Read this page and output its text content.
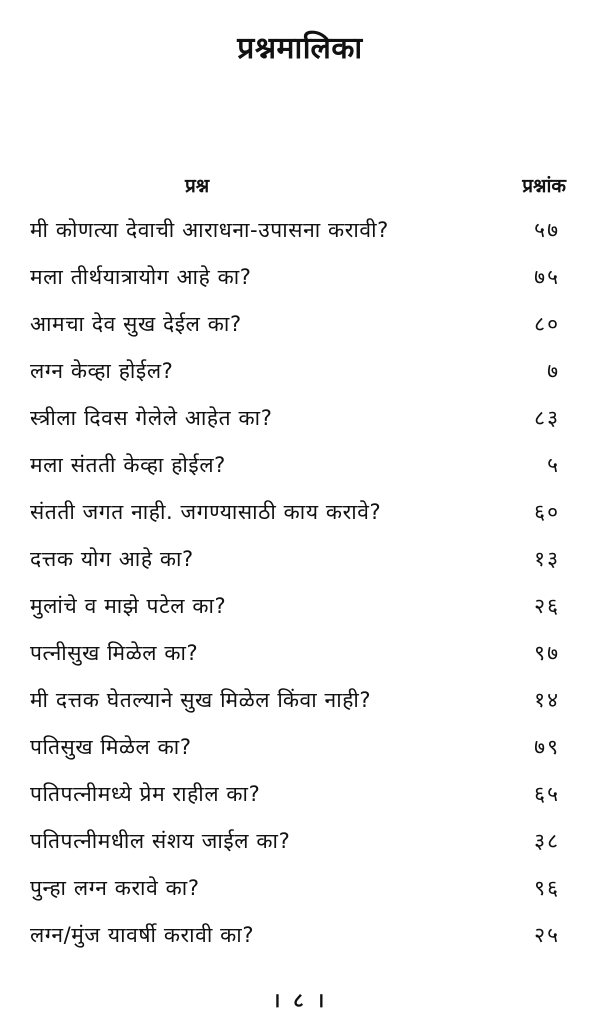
प्रश्नमालिका
प्रश्न	प्रश्नांक
मी कोणत्या देवाची आराधना-उपासना करावी?	५७
मला तीर्थयात्रायोग आहे का?	७५
आमचा देव सुख देईल का?	८०
लग्न केव्हा होईल?	७
स्त्रीला दिवस गेलेले आहेत का?	८३
मला संतती केव्हा होईल?	५
संतती जगत नाही. जगण्यासाठी काय करावे?	६०
दत्तक योग आहे का?	१३
मुलांचे व माझे पटेल का?	२६
पत्नीसुख मिळेल का?	९७
मी दत्तक घेतल्याने सुख मिळेल किंवा नाही?	१४
पतिसुख मिळेल का?	७९
पतिपत्नीमध्ये प्रेम राहील का?	६५
पतिपत्नीमधील संशय जाईल का?	३८
पुन्हा लग्न करावे का?	९६
लग्न/मुंज यावर्षी करावी का?	२५
। ८ ।
